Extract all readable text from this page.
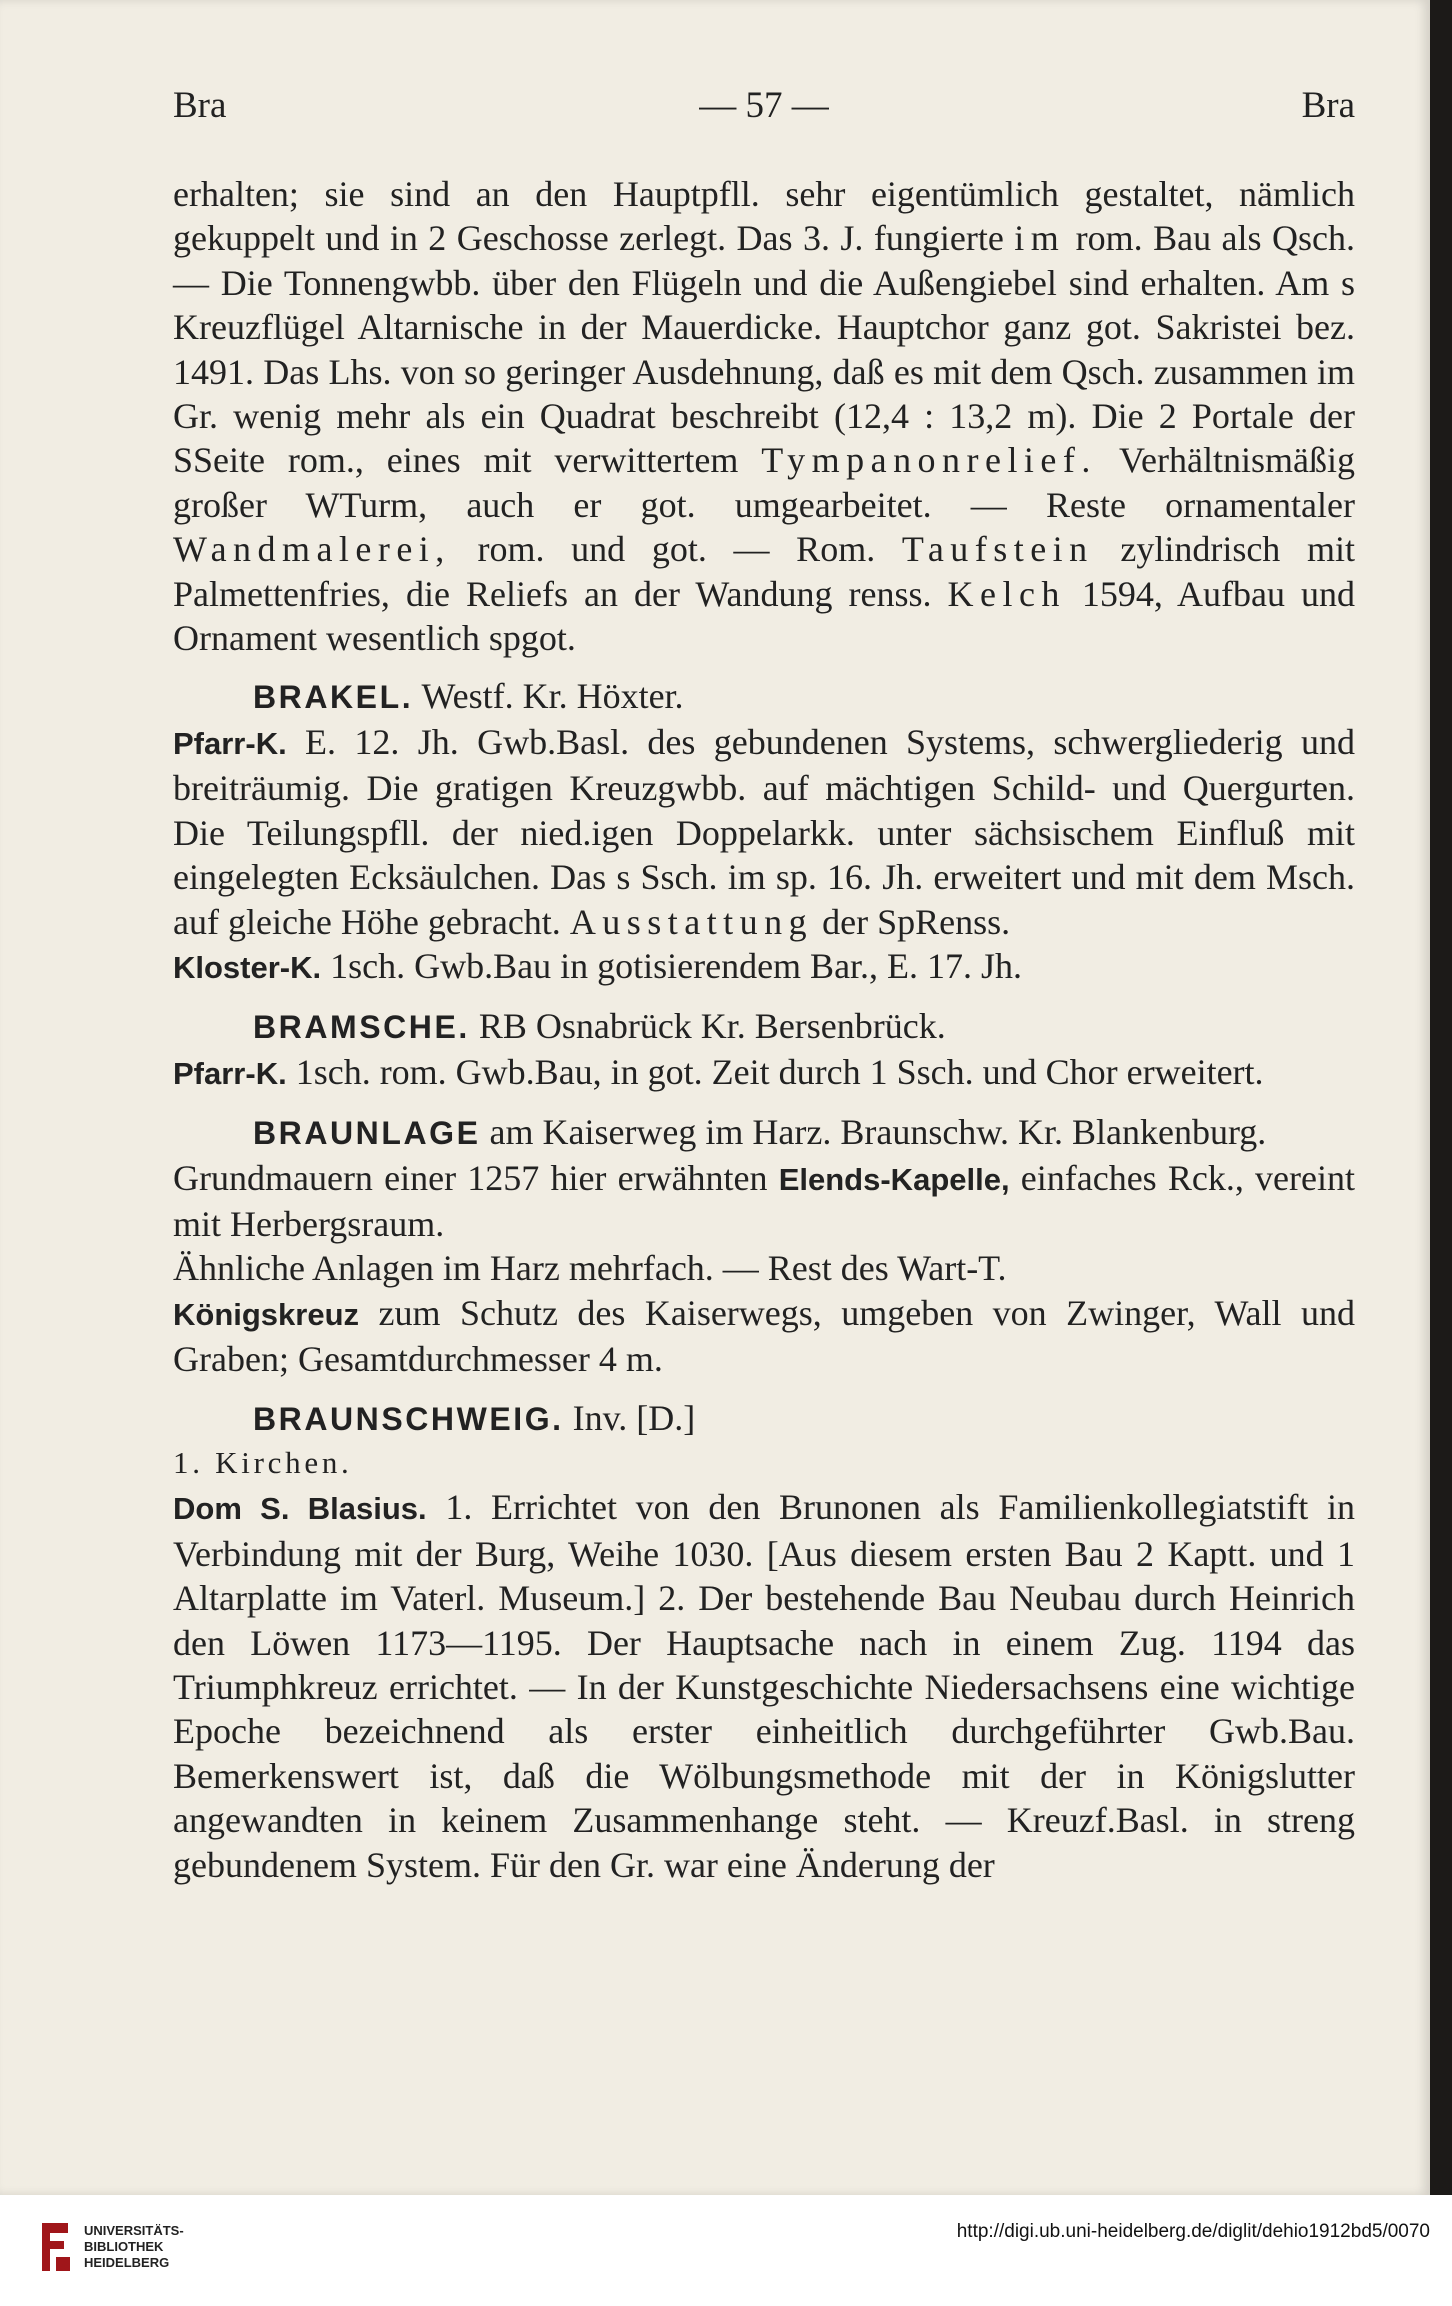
Bra	— 57 —	Bra

erhalten; sie sind an den Hauptpfll. sehr eigentümlich gestaltet, nämlich gekuppelt und in 2 Geschosse zerlegt. Das 3. J. fungierte im rom. Bau als Qsch. — Die Tonnengwbb. über den Flügeln und die Außengiebel sind erhalten. Am s Kreuzflügel Altarnische in der Mauerdicke. Hauptchor ganz got. Sakristei bez. 1491. Das Lhs. von so geringer Ausdehnung, daß es mit dem Qsch. zusammen im Gr. wenig mehr als ein Quadrat beschreibt (12,4 : 13,2 m). Die 2 Portale der SSeite rom., eines mit verwittertem Tympanonrelief. Verhältnismäßig großer WTurm, auch er got. umgearbeitet. — Reste ornamentaler Wandmalerei, rom. und got. — Rom. Taufstein zylindrisch mit Palmettenfries, die Reliefs an der Wandung renss. Kelch 1594, Aufbau und Ornament wesentlich spgot.

BRAKEL. Westf. Kr. Höxter.

Pfarr-K. E. 12. Jh. Gwb.Basl. des gebundenen Systems, schwergliederig und breiträumig. Die gratigen Kreuzgwbb. auf mächtigen Schild- und Quergurten. Die Teilungspfll. der nied.igen Doppelarkk. unter sächsischem Einfluß mit eingelegten Ecksäulchen. Das s Ssch. im sp. 16. Jh. erweitert und mit dem Msch. auf gleiche Höhe gebracht. Ausstattung der SpRenss.

Kloster-K. 1sch. Gwb.Bau in gotisierendem Bar., E. 17. Jh.

BRAMSCHE. RB Osnabrück Kr. Bersenbrück.

Pfarr-K. 1sch. rom. Gwb.Bau, in got. Zeit durch 1 Ssch. und Chor erweitert.

BRAUNLAGE am Kaiserweg im Harz. Braunschw. Kr. Blankenburg.

Grundmauern einer 1257 hier erwähnten Elends-Kapelle, einfaches Rck., vereint mit Herbergsraum.

Ähnliche Anlagen im Harz mehrfach. — Rest des Wart-T.

Königskreuz zum Schutz des Kaiserwegs, umgeben von Zwinger, Wall und Graben; Gesamtdurchmesser 4 m.

BRAUNSCHWEIG. Inv. [D.]

1. Kirchen.

Dom S. Blasius. 1. Errichtet von den Brunonen als Familienkollegiatstift in Verbindung mit der Burg, Weihe 1030. [Aus diesem ersten Bau 2 Kaptt. und 1 Altarplatte im Vaterl. Museum.] 2. Der bestehende Bau Neubau durch Heinrich den Löwen 1173—1195. Der Hauptsache nach in einem Zug. 1194 das Triumphkreuz errichtet. — In der Kunstgeschichte Niedersachsens eine wichtige Epoche bezeichnend als erster einheitlich durchgeführter Gwb.Bau. Bemerkenswert ist, daß die Wölbungsmethode mit der in Königslutter angewandten in keinem Zusammenhange steht. — Kreuzf.Basl. in streng gebundenem System. Für den Gr. war eine Änderung der

UNIVERSITÄTS-
BIBLIOTHEK
HEIDELBERG
http://digi.ub.uni-heidelberg.de/diglit/dehio1912bd5/0070
